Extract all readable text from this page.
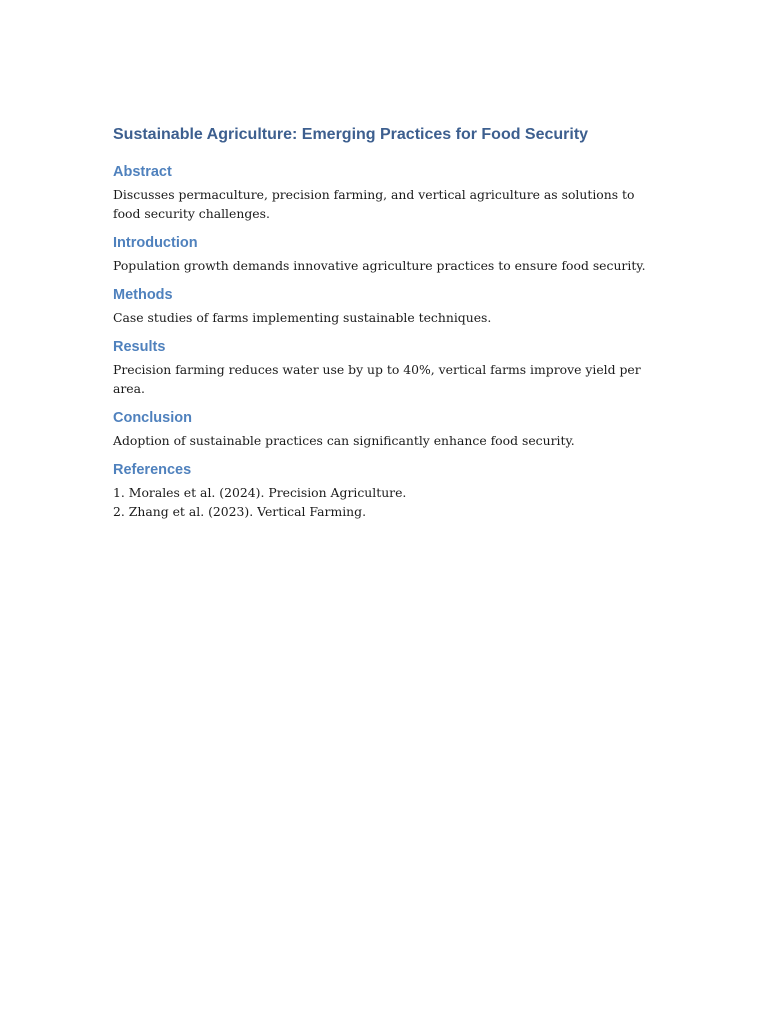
Sustainable Agriculture: Emerging Practices for Food Security
Abstract

Discusses permaculture, precision farming, and vertical agriculture as solutions to food security challenges.

Introduction

Population growth demands innovative agriculture practices to ensure food security.

Methods

Case studies of farms implementing sustainable techniques.

Results

Precision farming reduces water use by up to 40%, vertical farms improve yield per area.

Conclusion

Adoption of sustainable practices can significantly enhance food security.

References
1. Morales et al. (2024). Precision Agriculture.
2. Zhang et al. (2023). Vertical Farming.
